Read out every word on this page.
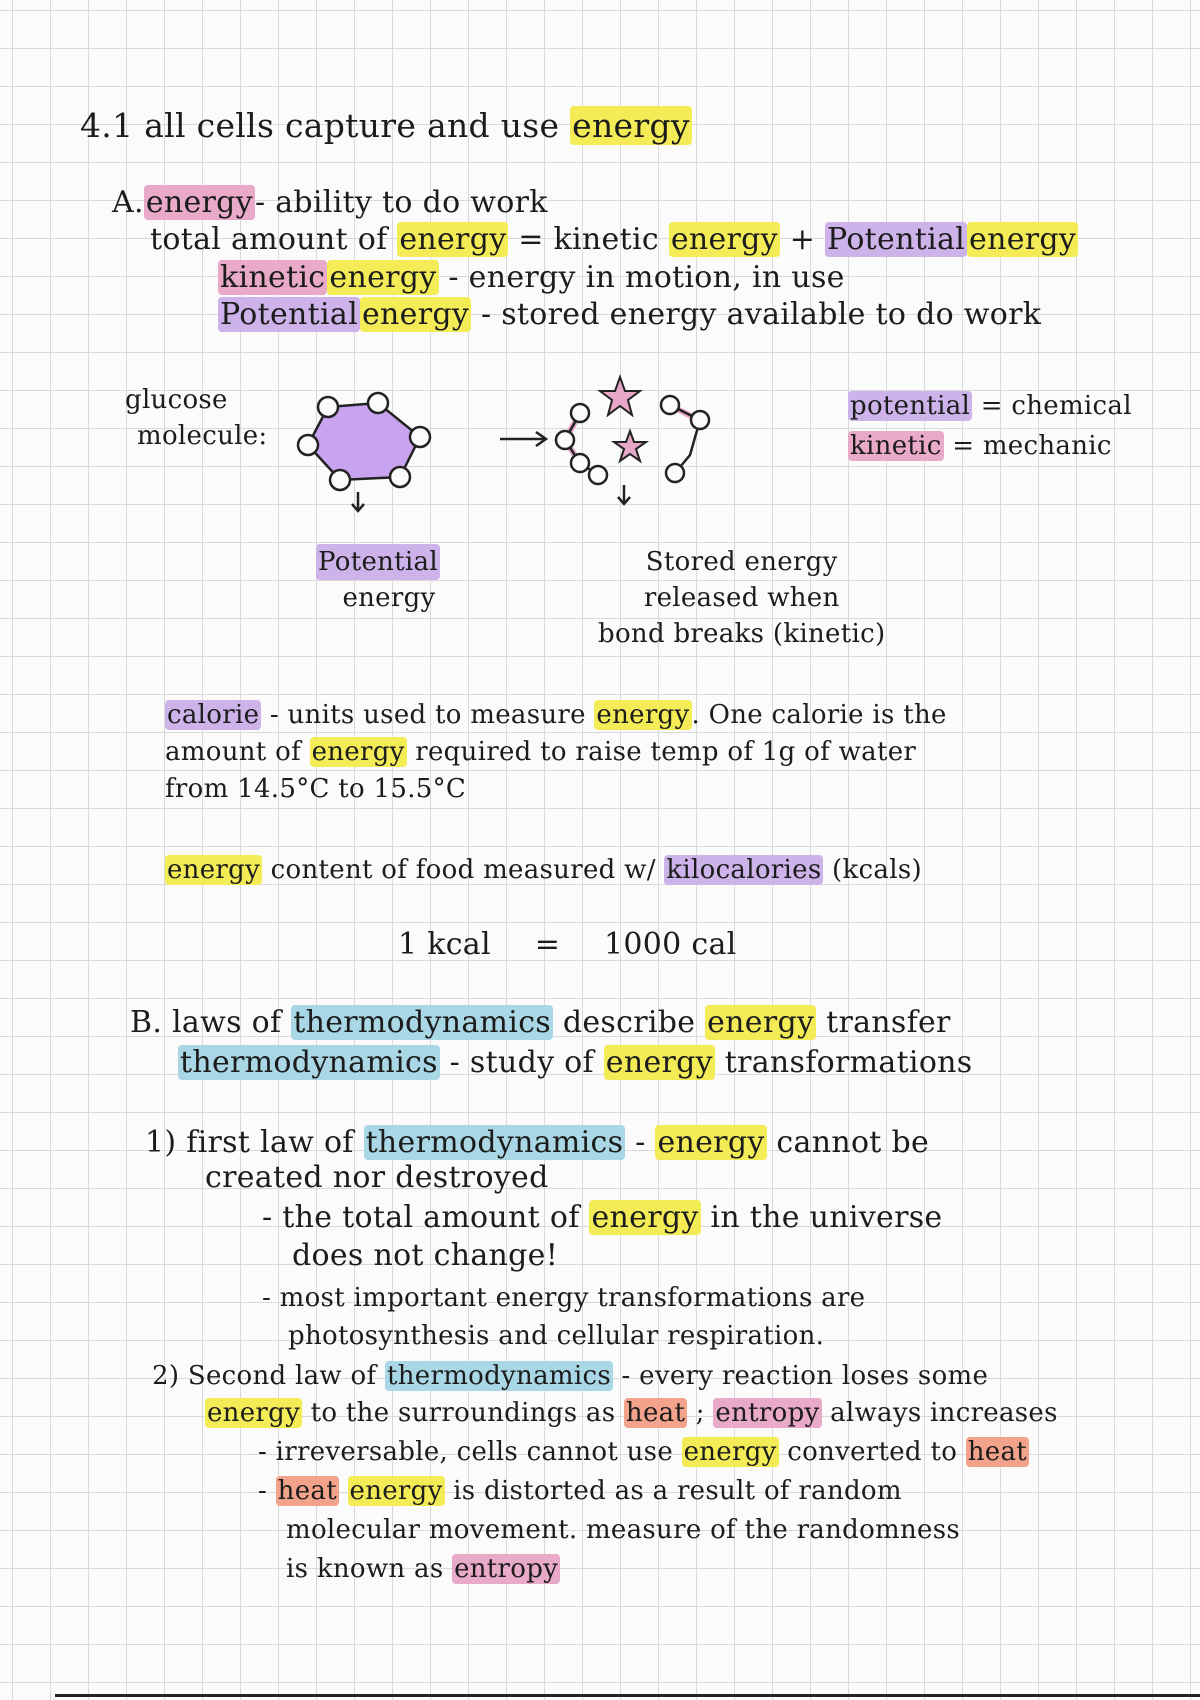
4.1 all cells capture and use energy
A.energy- ability to do work
total amount of energy = kinetic energy + Potential energy
kinetic energy - energy in motion, in use
Potential energy - stored energy available to do work
glucose
molecule:
potential = chemical
kinetic = mechanic
Potential
energy
Stored energy
released when
bond breaks (kinetic)
calorie - units used to measure energy. One calorie is the
amount of energy required to raise temp of 1g of water
from 14.5°C to 15.5°C
energy content of food measured w/ kilocalories (kcals)
1 kcal = 1000 cal
B. laws of thermodynamics describe energy transfer
thermodynamics - study of energy transformations
1) first law of thermodynamics - energy cannot be
created nor destroyed
- the total amount of energy in the universe
does not change!
- most important energy transformations are
photosynthesis and cellular respiration.
2) Second law of thermodynamics - every reaction loses some
energy to the surroundings as heat ; entropy always increases
- irreversable, cells cannot use energy converted to heat
- heat energy is distorted as a result of random
molecular movement. measure of the randomness
is known as entropy
